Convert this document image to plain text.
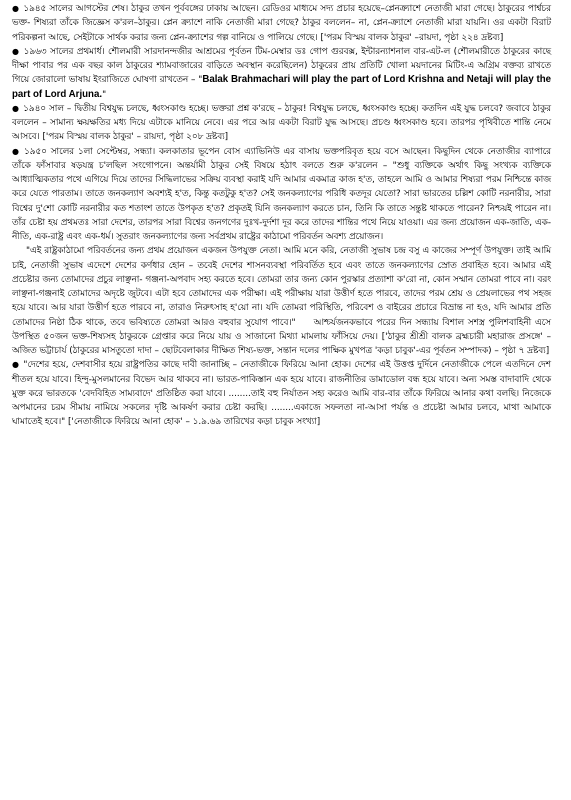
● ১৯৪৫ সালের আগস্টের শেষ। ঠাকুর তখন পূর্ববঙ্গের ঢাকায় আছেন। রেডিওর মাধ্যমে সদ্য প্রচার হয়েছে–প্লেনক্র্যাশে নেতাজী মারা গেছে। ঠাকুরের পার্শ্বচর ভক্ত- শিষ্যরা তাঁকে জিজ্ঞেস ক'রল–ঠাকুর। প্লেন ক্র্যাশে নাকি নেতাজী মারা গেছে? ঠাকুর বললেন– না, প্লেন-ক্র্যাশে নেতাজী মারা যায়নি। ওর একটা বিরাট পরিকল্পনা আছে, সেইটাকে সার্থক করার জন্য প্লেন-ক্র্যাশের গল্প বানিয়ে ও পালিয়ে গেছে। ['পরম বিস্ময় বালক ঠাকুর' –রায়দা, পৃষ্ঠা ২২৪ দ্রষ্টব্য]

● ১৯৬৩ সালের প্রথমার্ধ। শৌলমারী সারদানন্দজীর আশ্রমের পূর্বতন টিম-মেম্বার ডঃ গোপ গুরবক্স, ইন্টারন্যাশনাল বার-এট-ল (শৌলমারীতে ঠাকুরের কাছে দীক্ষা পাবার পর এক বছর কাল ঠাকুরের শ্যামবাজারের বাড়িতে অবস্থান করেছিলেন) ঠাকুরের প্রায় প্রতিটি খোলা ময়দানের মিটিং-এ অগ্রিম বক্তব্য রাখতে গিয়ে জোরালো ভাষায় ইংরাজিতে ঘোষণা রাখতেন – "Balak Brahmachari will play the part of Lord Krishna and Netaji will play the part of Lord Arjuna."

● ১৯৪০ সাল – দ্বিতীয় বিশ্বযুদ্ধ চলছে, ধ্বংসকাণ্ড হচ্ছে। ভক্তরা প্রশ্ন ক'রছে – ঠাকুর! বিশ্বযুদ্ধ চলছে, ধ্বংসকাণ্ড হচ্ছে। কতদিন এই যুদ্ধ চলবে? জবাবে ঠাকুর বললেন – সামান্য ক্ষয়ক্ষতির মধ্য দিয়ে এটাকে মানিয়ে নেবে। এর পরে আর একটা বিরাট যুদ্ধ আসছে। প্রচণ্ড ধ্বংসকাণ্ড হবে। তারপর পৃথিবীতে শান্তি নেমে আসবে। ['পরম বিস্ময় বালক ঠাকুর' – রায়দা, পৃষ্ঠা ২০৮ দ্রষ্টব্য]

● ১৯৫০ সালের ১লা সেপ্টেম্বর, সন্ধ্যা। কলকাতার ভূপেন বোস এ্যাভিনিউ এর বাসায় ভক্তপরিবৃত হয়ে বসে আছেন। কিছুদিন থেকে নেতাজীর ব্যাপারে তাঁকে ফাঁসাবার ষড়যন্ত্র চ'লছিল সংগোপনে। অন্তর্যামী ঠাকুর সেই বিষয়ে হঠাৎ বলতে শুরু ক'রলেন – "শুধু ব্যক্তিকে অর্থাৎ কিছু সংখ্যক ব্যক্তিকে আধ্যাত্মিকতার পথে এগিয়ে দিয়ে তাদের সিদ্ধিলাভের সক্রিয় ব্যবস্থা করাই যদি আমার একমাত্র কাজ হ'ত, তাহলে আমি ও আমার শিষ্যরা পরম নিশ্চিন্তে কাজ করে যেতে পারতাম। তাতে জনকল্যাণ অবশ্যই হ'ত, কিন্তু কতটুকু হ'ত? সেই জনকল্যাণের পরিধি কতদূর যেতো? সারা ভারতের চল্লিশ কোটি নরনারীর, সারা বিশ্বের দু'শো কোটি নরনারীর কত শতাংশ তাতে উপকৃত হ'ত? প্রকৃতই যিনি জনকল্যাণ করতে চান, তিনি কি তাতে সন্তুষ্ট থাকতে পারেন? নিশ্চয়ই পারেন না। তাঁর চেষ্টা হয় প্রথমতঃ সারা দেশের, তারপর সারা বিশ্বের জনগণের দুঃখ-দুর্দশা দূর করে তাদের শান্তির পথে নিয়ে যাওয়া। এর জন্য প্রয়োজন এক-জাতি, এক-নীতি, এক-রাষ্ট্র এবং এক-ধর্ম। সুতরাং জনকল্যাণের জন্য সর্বপ্রথম রাষ্ট্রের কাঠামো পরিবর্তন অবশ্য প্রয়োজন।

"এই রাষ্ট্রকাঠামো পরিবর্তনের জন্য প্রথম প্রয়োজন একজন উপযুক্ত নেতা। আমি মনে করি, নেতাজী সুভাষ চন্দ্র বসু এ কাজের সম্পূর্ণ উপযুক্ত। তাই আমি চাই, নেতাজী সুভাষ এদেশে দেশের কর্ণধার হোন – তবেই দেশের শাসনব্যবস্থা পরিবর্তিত হবে এবং তাতে জনকল্যাণের স্রোত প্রবাহিত হবে। আমার এই প্রচেষ্টার জন্য তোমাদের প্রচুর লাঞ্ছনা- গঞ্জনা-অপবাদ সহ্য করতে হবে। তোমরা তার জন্য কোন পুরস্কার প্রত্যাশা ক'রো না, কোন সম্মান তোমরা পাবে না। বরং লাঞ্ছনা-গঞ্জনাই তোমাদের অদৃষ্টে জুটবে। এটা হবে তোমাদের এক পরীক্ষা। এই পরীক্ষায় যারা উত্তীর্ণ হতে পারবে, তাদের পরম শ্রেয় ও প্রেয়লাভের পথ সহজ হয়ে যাবে। আর যারা উত্তীর্ণ হতে পারবে না, তারাও নিরুৎসাহ হ'য়ো না। যদি তোমরা পরিস্থিতি, পরিবেশ ও বাইরের প্রচারে বিভ্রান্ত না হও, যদি আমার প্রতি তোমাদের নিষ্ঠা ঠিক থাকে, তবে ভবিষ্যতে তোমরা আরও বহুবার সুযোগ পাবে।" আশ্চর্যজনকভাবে পরের দিন সন্ধ্যায় বিশাল সশস্ত্র পুলিশবাহিনী এসে উপস্থিত ৫০জন ভক্ত-শিষ্যসহ ঠাকুরকে গ্রেপ্তার করে নিয়ে যায় ও সাজানো মিথ্যা মামলায় ফাঁসিয়ে দেয়। ['ঠাকুর শ্রীশ্রী বালক ব্রহ্মচারী মহারাজ প্রসঙ্গে' – অজিত ভট্টাচার্য (ঠাকুরের মাসতুতো দাদা – ছোটবেলাকার দীক্ষিত শিষ্য-ভক্ত, সন্তান দলের পাক্ষিক মুখপত্র 'কড়া চাবুক'-এর পূর্বতন সম্পাদক) – পৃষ্ঠা ৭ দ্রষ্টব্য]

● "দেশের হয়ে, দেশবাসীর হয়ে রাষ্ট্রপতির কাছে দাবী জানাচ্ছি – নেতাজীকে ফিরিয়ে আনা হোক। দেশের এই উত্তপ্ত দুর্দিনে নেতাজীকে পেলে এতদিনে দেশ শীতল হয়ে যাবে। হিন্দু-মুসলমানের বিভেদ আর থাকবে না। ভারত-পাকিস্তান এক হয়ে যাবে। রাজনীতির ডামাডোল বন্ধ হয়ে যাবে। অন্য সমস্ত বাদাবাদি থেকে মুক্ত করে ভারতকে 'বেদবিহিত সাম্যবাদে' প্রতিষ্ঠিত করা যাবে। ........তাই বহু নির্যাতন সহ্য করেও আমি বার-বার তাঁকে ফিরিয়ে আনার কথা বলছি। নিজেকে অপমানের চরম সীমায় নামিয়ে সকলের দৃষ্টি আকর্ষণ করার চেষ্টা করছি। ........একাজে সফলতা না-আসা পর্যন্ত ও প্রচেষ্টা আমার চলবে, মাথা আমাকে ঘামাতেই হবে।" ['নেতাজীকে ফিরিয়ে আনা হোক' – ১.৯.৬৯ তারিখের কড়া চাবুক সংখ্যা]
